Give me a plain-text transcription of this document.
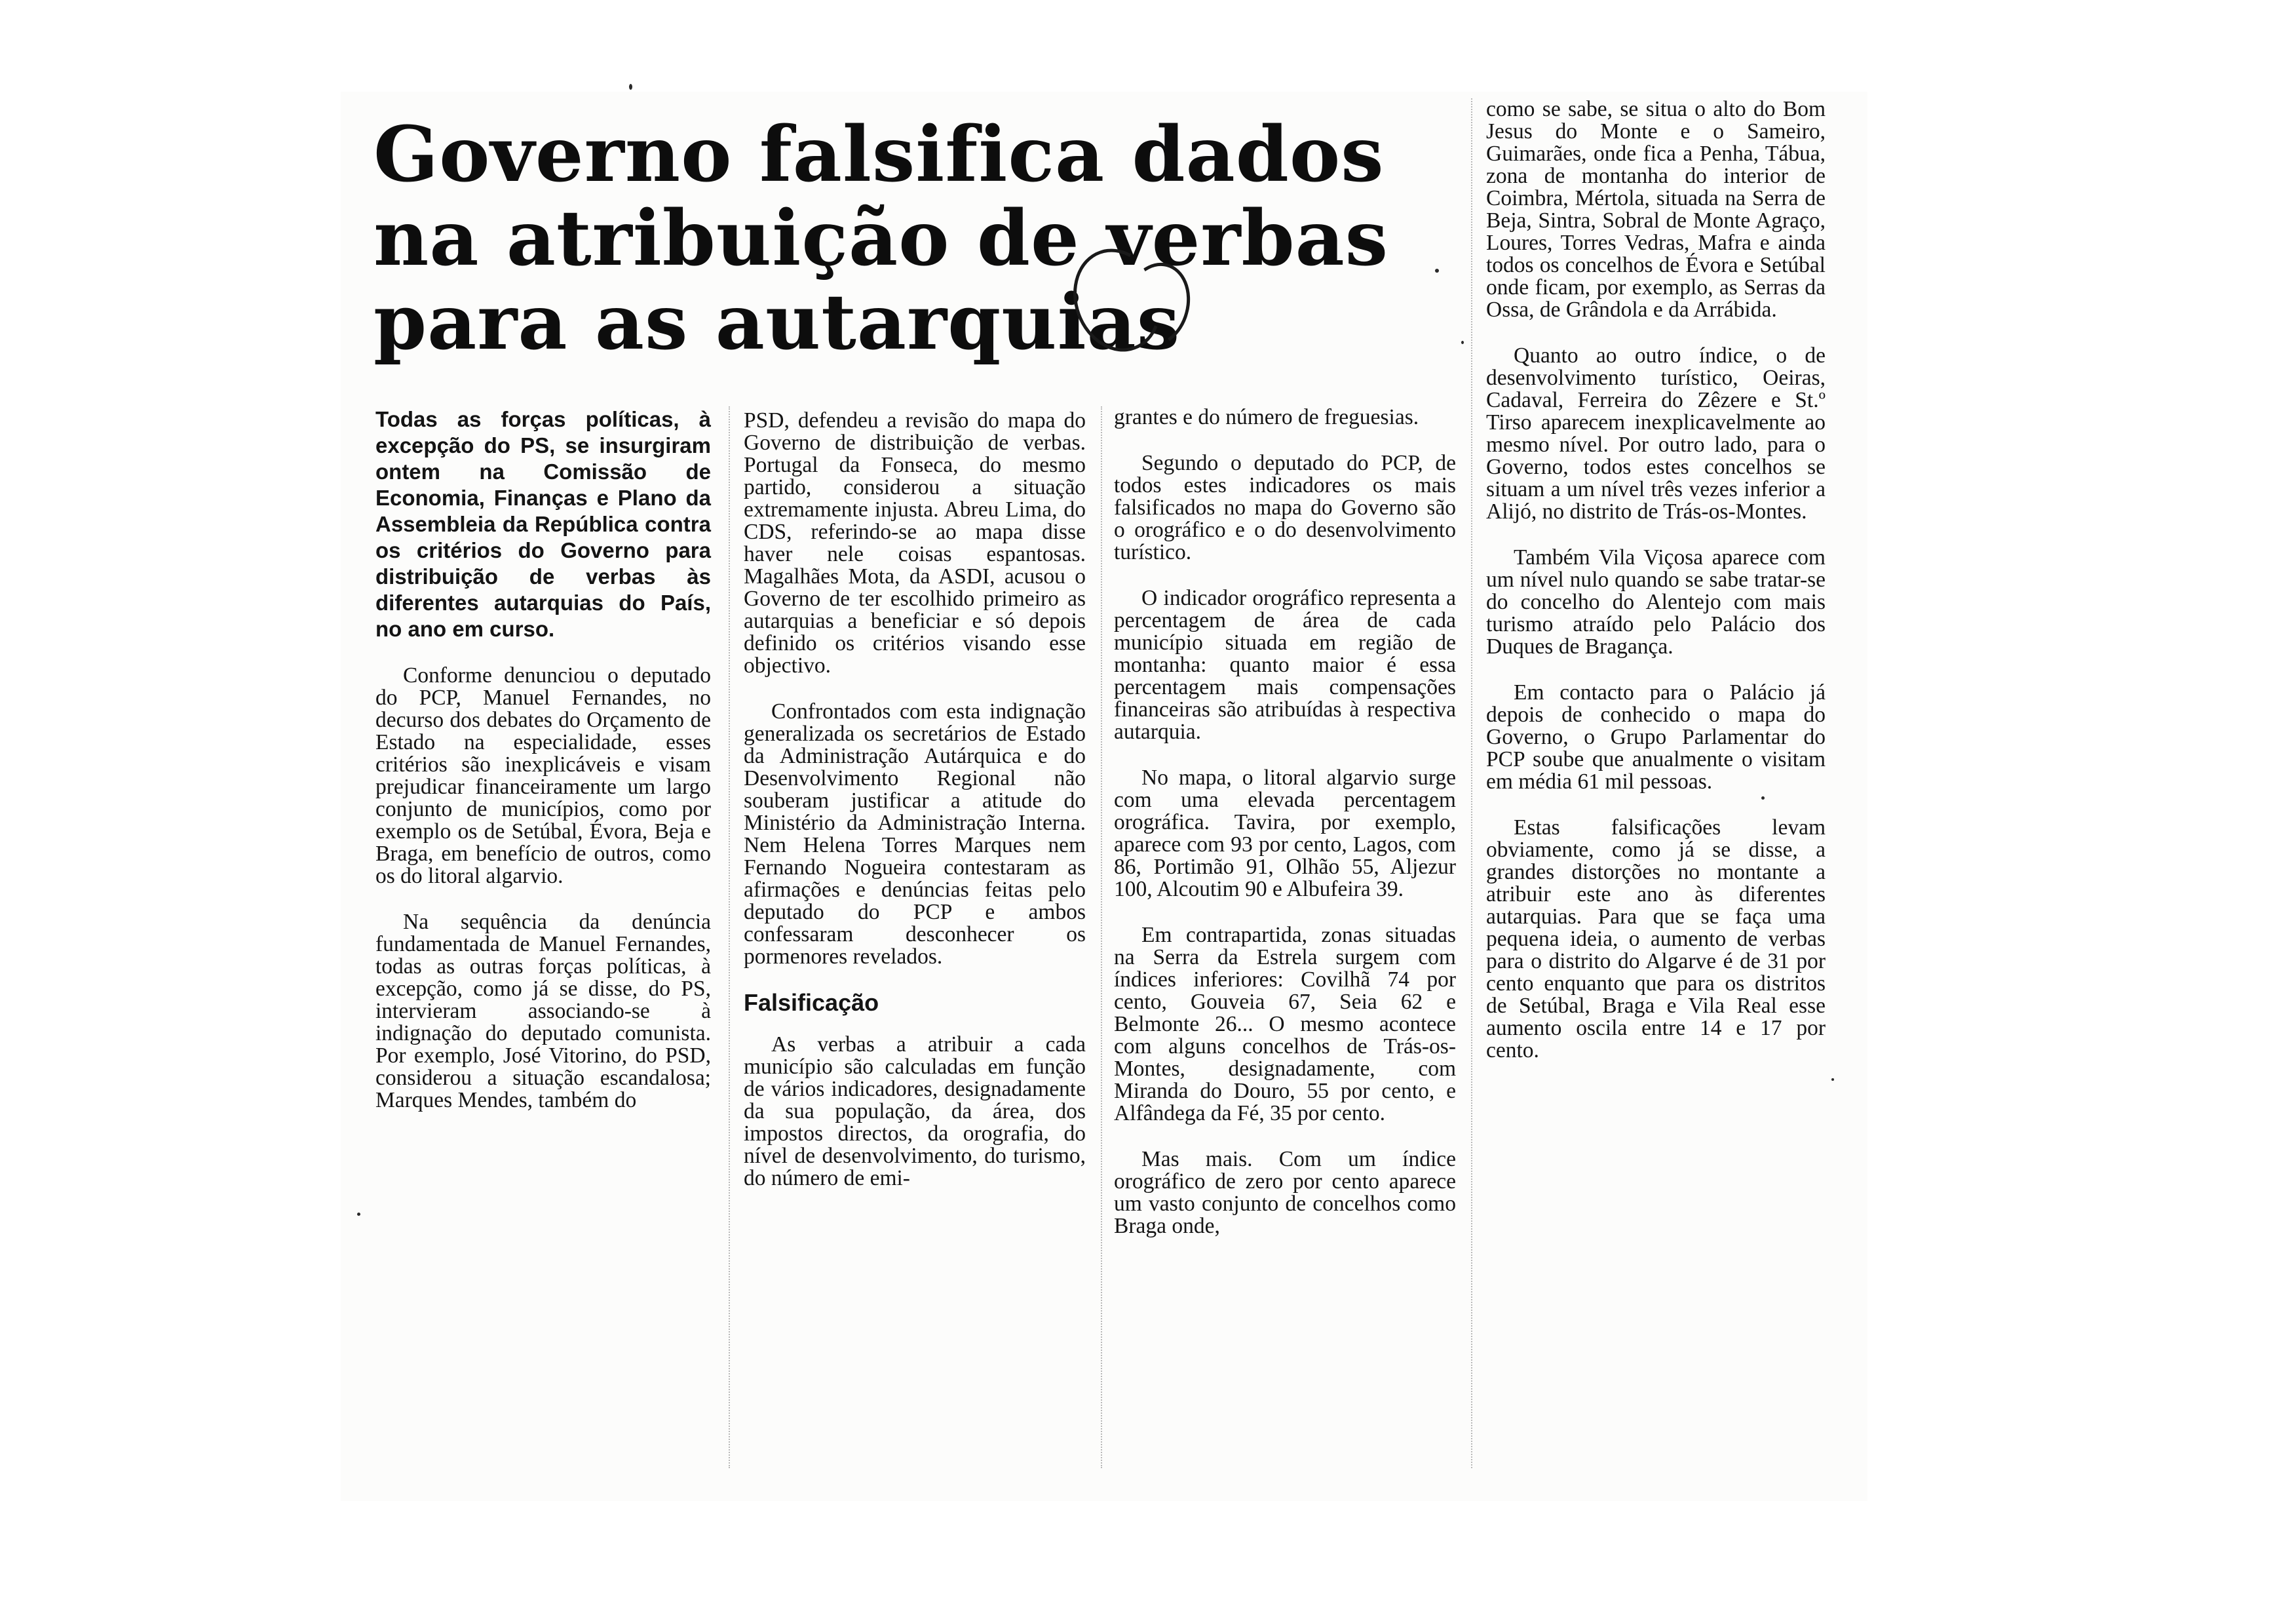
Governo falsifica dados
na atribuição de verbas
para as autarquias
Todas as forças políticas, à excepção do PS, se insurgiram ontem na Comissão de Economia, Finanças e Plano da Assembleia da República contra os critérios do Governo para distribuição de verbas às diferentes autarquias do País, no ano em curso.

Conforme denunciou o deputado do PCP, Manuel Fernandes, no decurso dos debates do Orçamento de Estado na especialidade, esses critérios são inexplicáveis e visam prejudicar financeiramente um largo conjunto de municípios, como por exemplo os de Setúbal, Évora, Beja e Braga, em benefício de outros, como os do litoral algarvio.

Na sequência da denúncia fundamentada de Manuel Fernandes, todas as outras forças políticas, à excepção, como já se disse, do PS, intervieram associando-se à indignação do deputado comunista. Por exemplo, José Vitorino, do PSD, considerou a situação escandalosa; Marques Mendes, também do

PSD, defendeu a revisão do mapa do Governo de distribuição de verbas. Portugal da Fonseca, do mesmo partido, considerou a situação extremamente injusta. Abreu Lima, do CDS, referindo-se ao mapa disse haver nele coisas espantosas. Magalhães Mota, da ASDI, acusou o Governo de ter escolhido primeiro as autarquias a beneficiar e só depois definido os critérios visando esse objectivo.

Confrontados com esta indignação generalizada os secretários de Estado da Administração Autárquica e do Desenvolvimento Regional não souberam justificar a atitude do Ministério da Administração Interna. Nem Helena Torres Marques nem Fernando Nogueira contestaram as afirmações e denúncias feitas pelo deputado do PCP e ambos confessaram desconhecer os pormenores revelados.

Falsificação

As verbas a atribuir a cada município são calculadas em função de vários indicadores, designadamente da sua população, da área, dos impostos directos, da orografia, do nível de desenvolvimento, do turismo, do número de emi-

grantes e do número de freguesias.

Segundo o deputado do PCP, de todos estes indicadores os mais falsificados no mapa do Governo são o orográfico e o do desenvolvimento turístico.

O indicador orográfico representa a percentagem de área de cada município situada em região de montanha: quanto maior é essa percentagem mais compensações financeiras são atribuídas à respectiva autarquia.

No mapa, o litoral algarvio surge com uma elevada percentagem orográfica. Tavira, por exemplo, aparece com 93 por cento, Lagos, com 86, Portimão 91, Olhão 55, Aljezur 100, Alcoutim 90 e Albufeira 39.

Em contrapartida, zonas situadas na Serra da Estrela surgem com índices inferiores: Covilhã 74 por cento, Gouveia 67, Seia 62 e Belmonte 26... O mesmo acontece com alguns concelhos de Trás-os-Montes, designadamente, com Miranda do Douro, 55 por cento, e Alfândega da Fé, 35 por cento.

Mas mais. Com um índice orográfico de zero por cento aparece um vasto conjunto de concelhos como Braga onde,

como se sabe, se situa o alto do Bom Jesus do Monte e o Sameiro, Guimarães, onde fica a Penha, Tábua, zona de montanha do interior de Coimbra, Mértola, situada na Serra de Beja, Sintra, Sobral de Monte Agraço, Loures, Torres Vedras, Mafra e ainda todos os concelhos de Évora e Setúbal onde ficam, por exemplo, as Serras da Ossa, de Grândola e da Arrábida.

Quanto ao outro índice, o de desenvolvimento turístico, Oeiras, Cadaval, Ferreira do Zêzere e St.º Tirso aparecem inexplicavelmente ao mesmo nível. Por outro lado, para o Governo, todos estes concelhos se situam a um nível três vezes inferior a Alijó, no distrito de Trás-os-Montes.

Também Vila Viçosa aparece com um nível nulo quando se sabe tratar-se do concelho do Alentejo com mais turismo atraído pelo Palácio dos Duques de Bragança.

Em contacto para o Palácio já depois de conhecido o mapa do Governo, o Grupo Parlamentar do PCP soube que anualmente o visitam em média 61 mil pessoas.

Estas falsificações levam obviamente, como já se disse, a grandes distorções no montante a atribuir este ano às diferentes autarquias. Para que se faça uma pequena ideia, o aumento de verbas para o distrito do Algarve é de 31 por cento enquanto que para os distritos de Setúbal, Braga e Vila Real esse aumento oscila entre 14 e 17 por cento.
